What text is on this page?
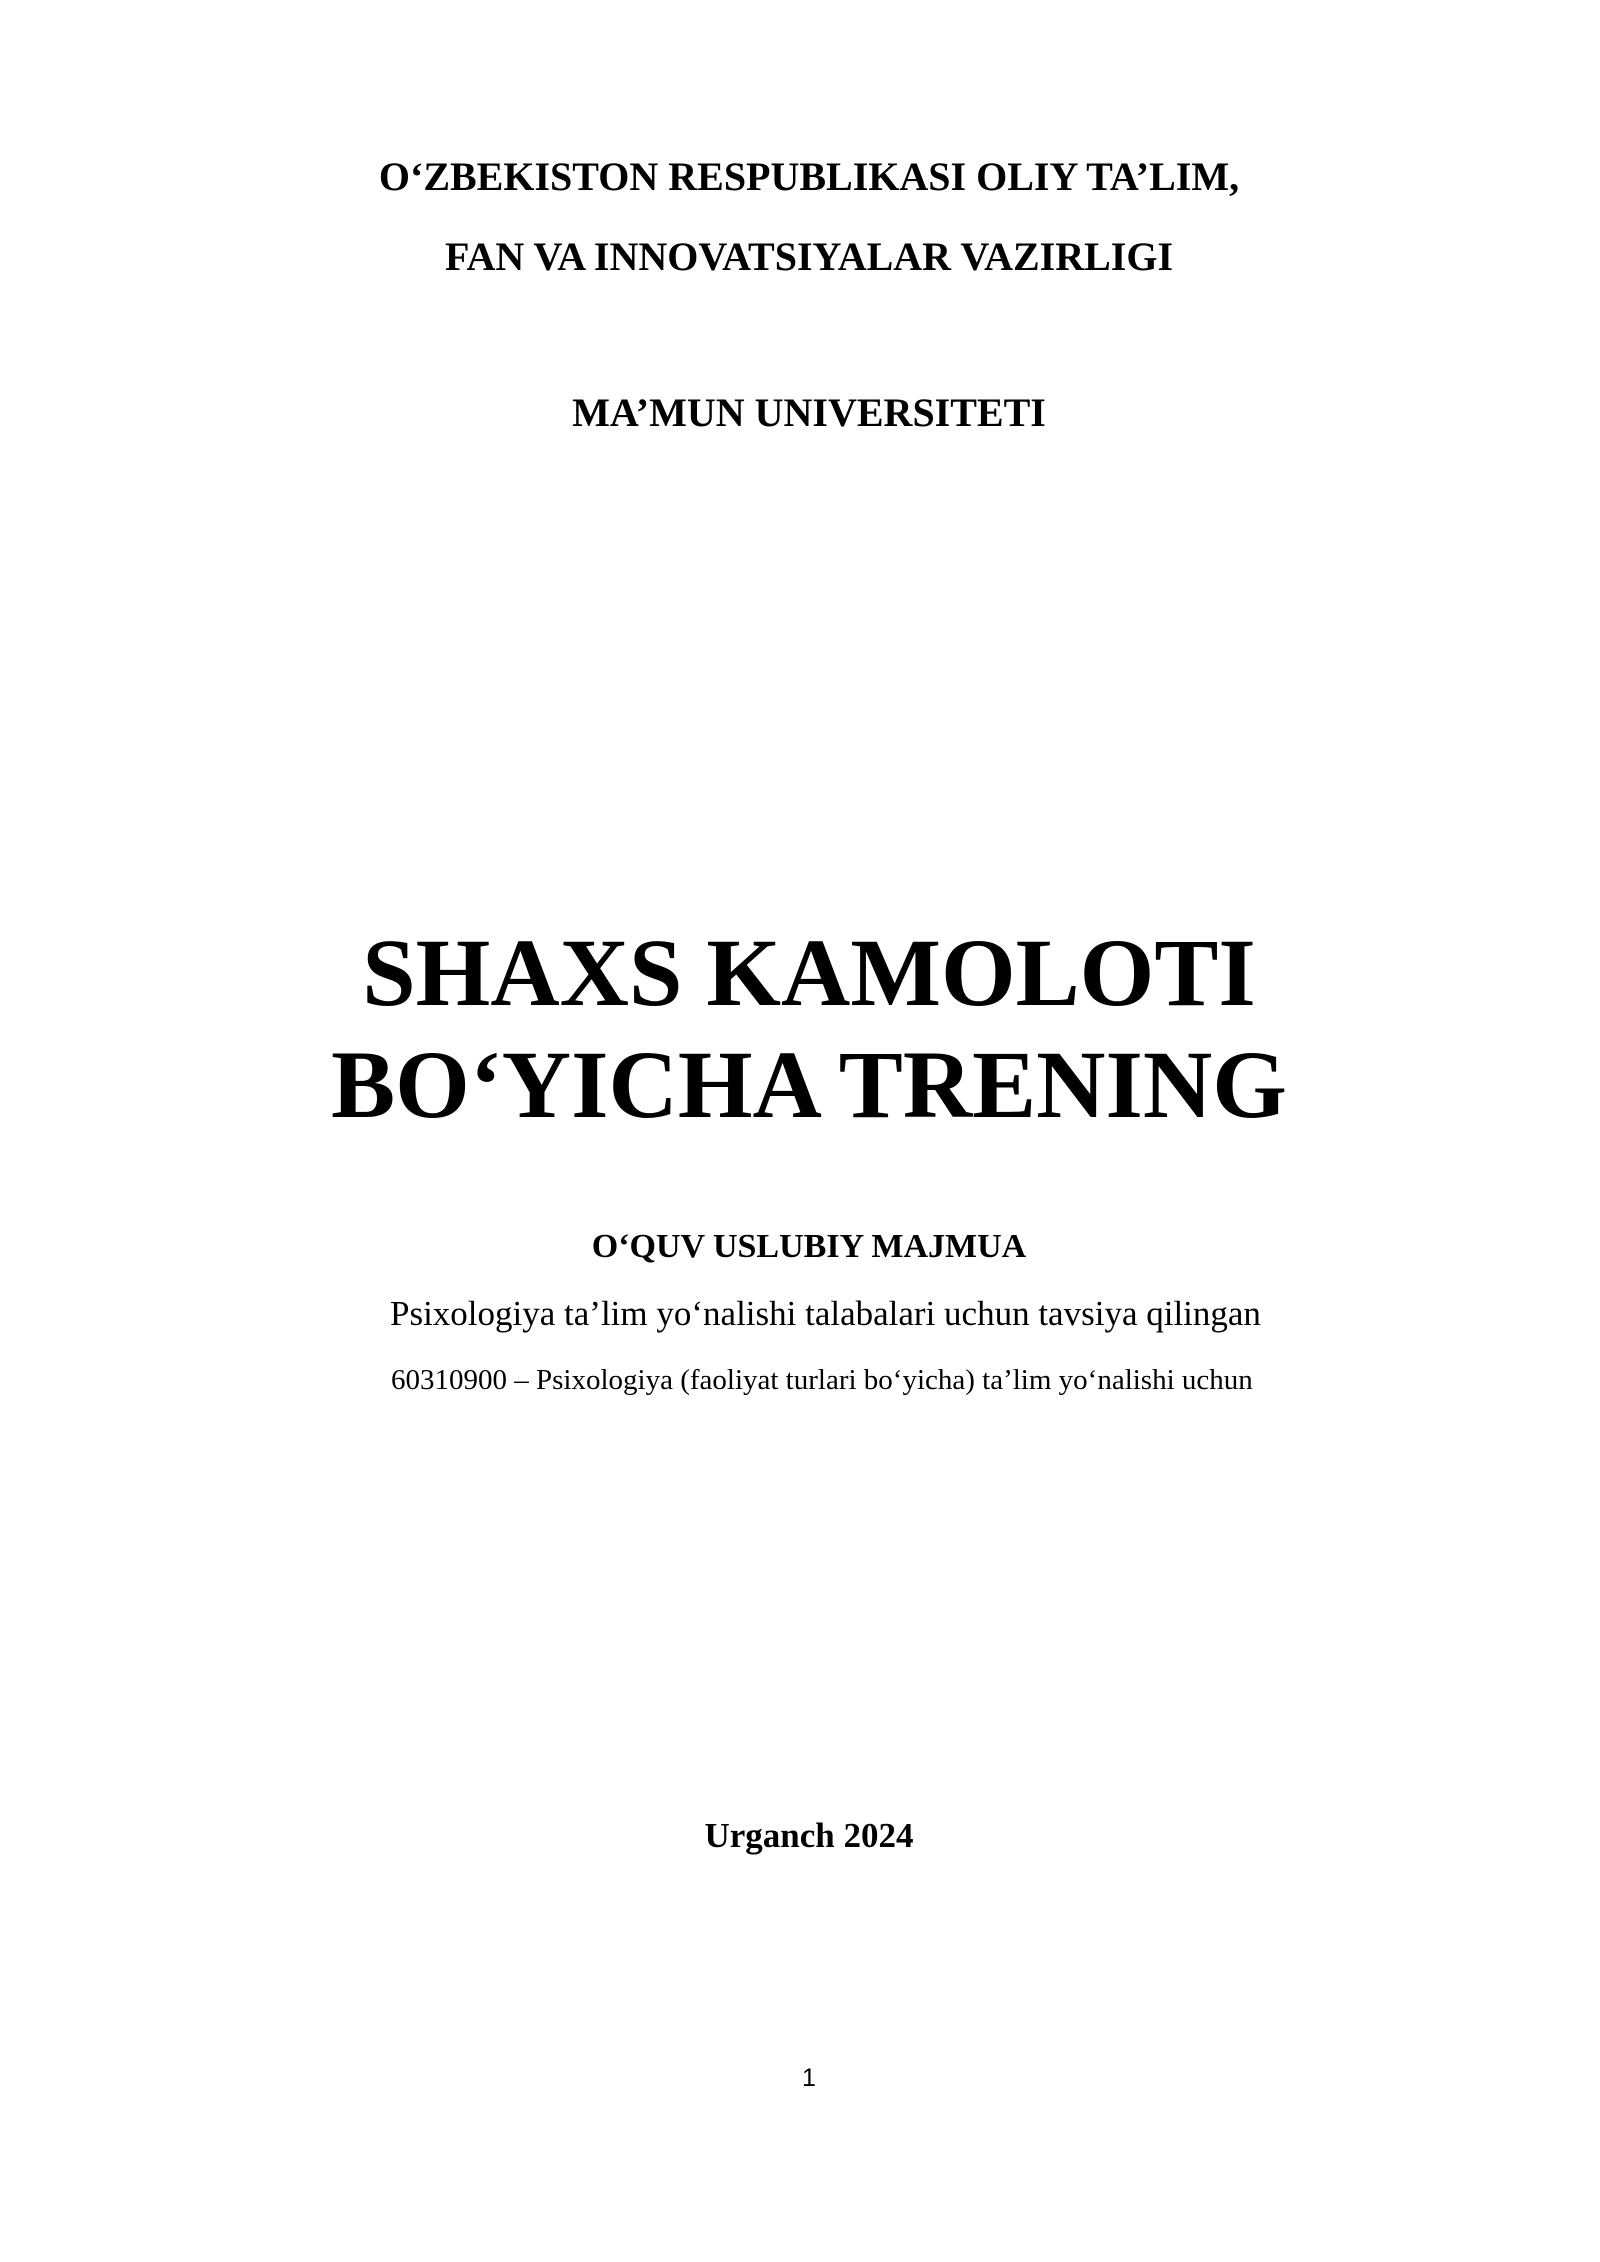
O‘ZBEKISTON RESPUBLIKASI OLIY TA’LIM,
FAN VA INNOVATSIYALAR VAZIRLIGI
MA’MUN UNIVERSITETI
SHAXS KAMOLOTI
BO‘YICHA TRENING
O‘QUV USLUBIY MAJMUA
Psixologiya ta’lim yo‘nalishi talabalari uchun tavsiya qilingan
60310900 – Psixologiya (faoliyat turlari bo‘yicha) ta’lim yo‘nalishi uchun
Urganch 2024
1
